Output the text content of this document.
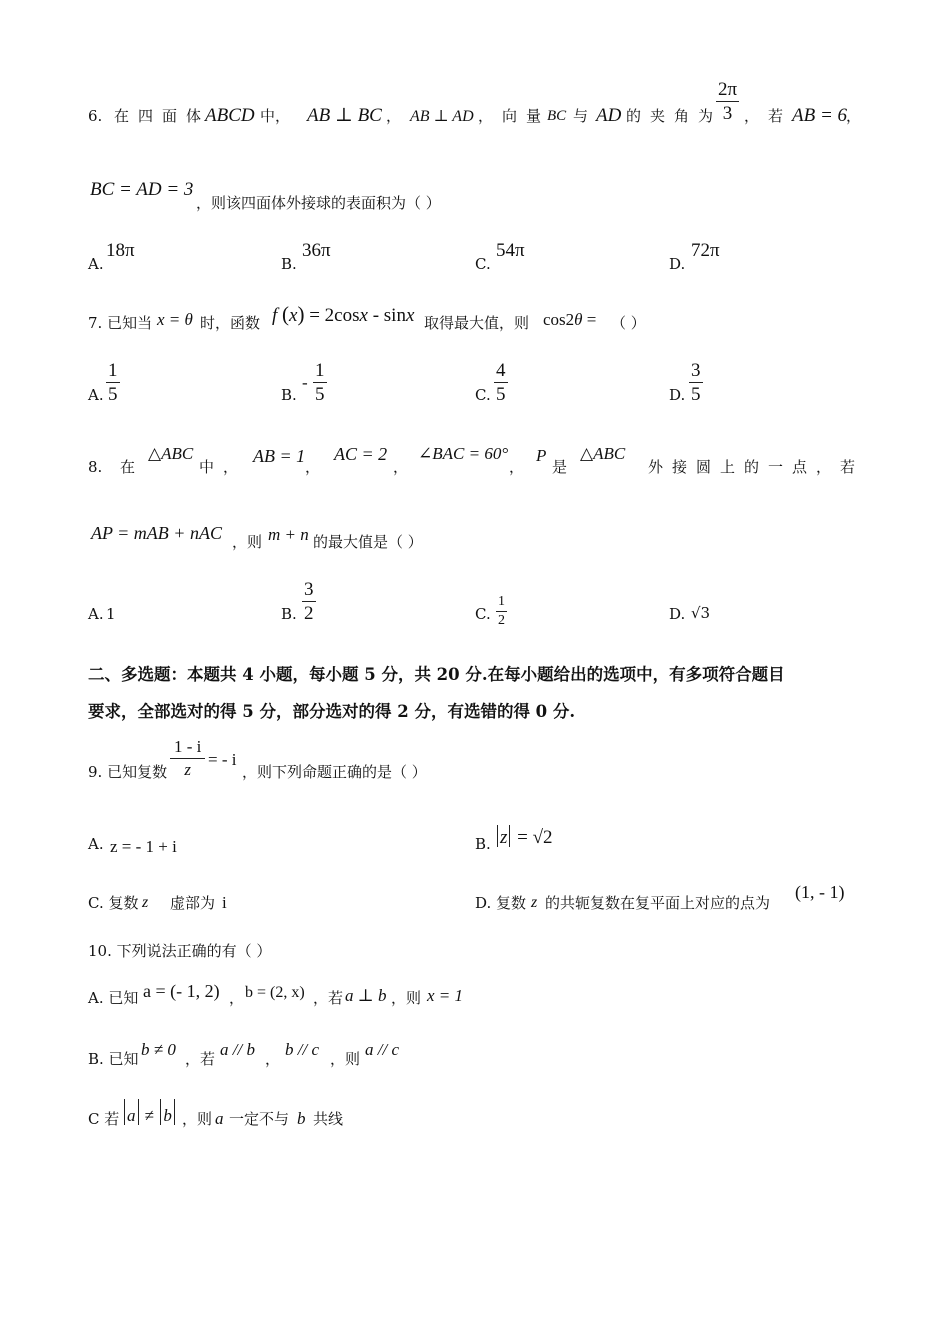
6. 在四面体
ABCD 中， AB ⊥ BC ， AB ⊥ AD ，向量
BC 与 AD 的夹角为
$\frac{2\pi}{3}$ ，若 AB = 6
，
BC = AD = 3
，则该四面体外接球的表面积为（ ）
A.
18π
B.
36π
C.
54π
D.
72π
7. 已知当 x = θ 时，函数 f (x) = 2cosx - sinx 取得最大值，则 cos2θ = （ ）
A. $\frac{1}{5}$	B.
- $\frac{1}{5}$	C. $\frac{4}{5}$	D. $\frac{3}{5}$
8. 在
△ABC
中，
AB = 1
，
AC = 2
，
∠BAC = 60°
，
P
是
△ABC
外接圆上的一点，若
AP = mAB + nAC ，则 m + n 的最大值是（ ）
A. 1	B. $\frac{3}{2}$	C. $\frac{1}{2}$	D. √3
二、多选题：本题共 4 小题，每小题 5 分，共 20 分.在每小题给出的选项中，有多项符合题目
要求，全部选对的得 5 分，部分选对的得 2 分，有选错的得 0 分.
9. 已知复数 $\frac{1 - i}{z}$ = - i
，则下列命题正确的是（ ）
A. z = - 1 + i	B. z = √2
C. 复数 z 虚部为 i	D. 复数 z 的共轭复数在复平面上对应的点为
(1, - 1)
10. 下列说法正确的有（ ）
A. 已知 a = (- 1, 2) ， b = (2, x) ，若 a ⊥ b ，则 x = 1
B. 已知 b ≠ 0 ，若 a // b ， b // c ，则 a // c
C 若 a ≠ b ，则 a 一定不与 b 共线
